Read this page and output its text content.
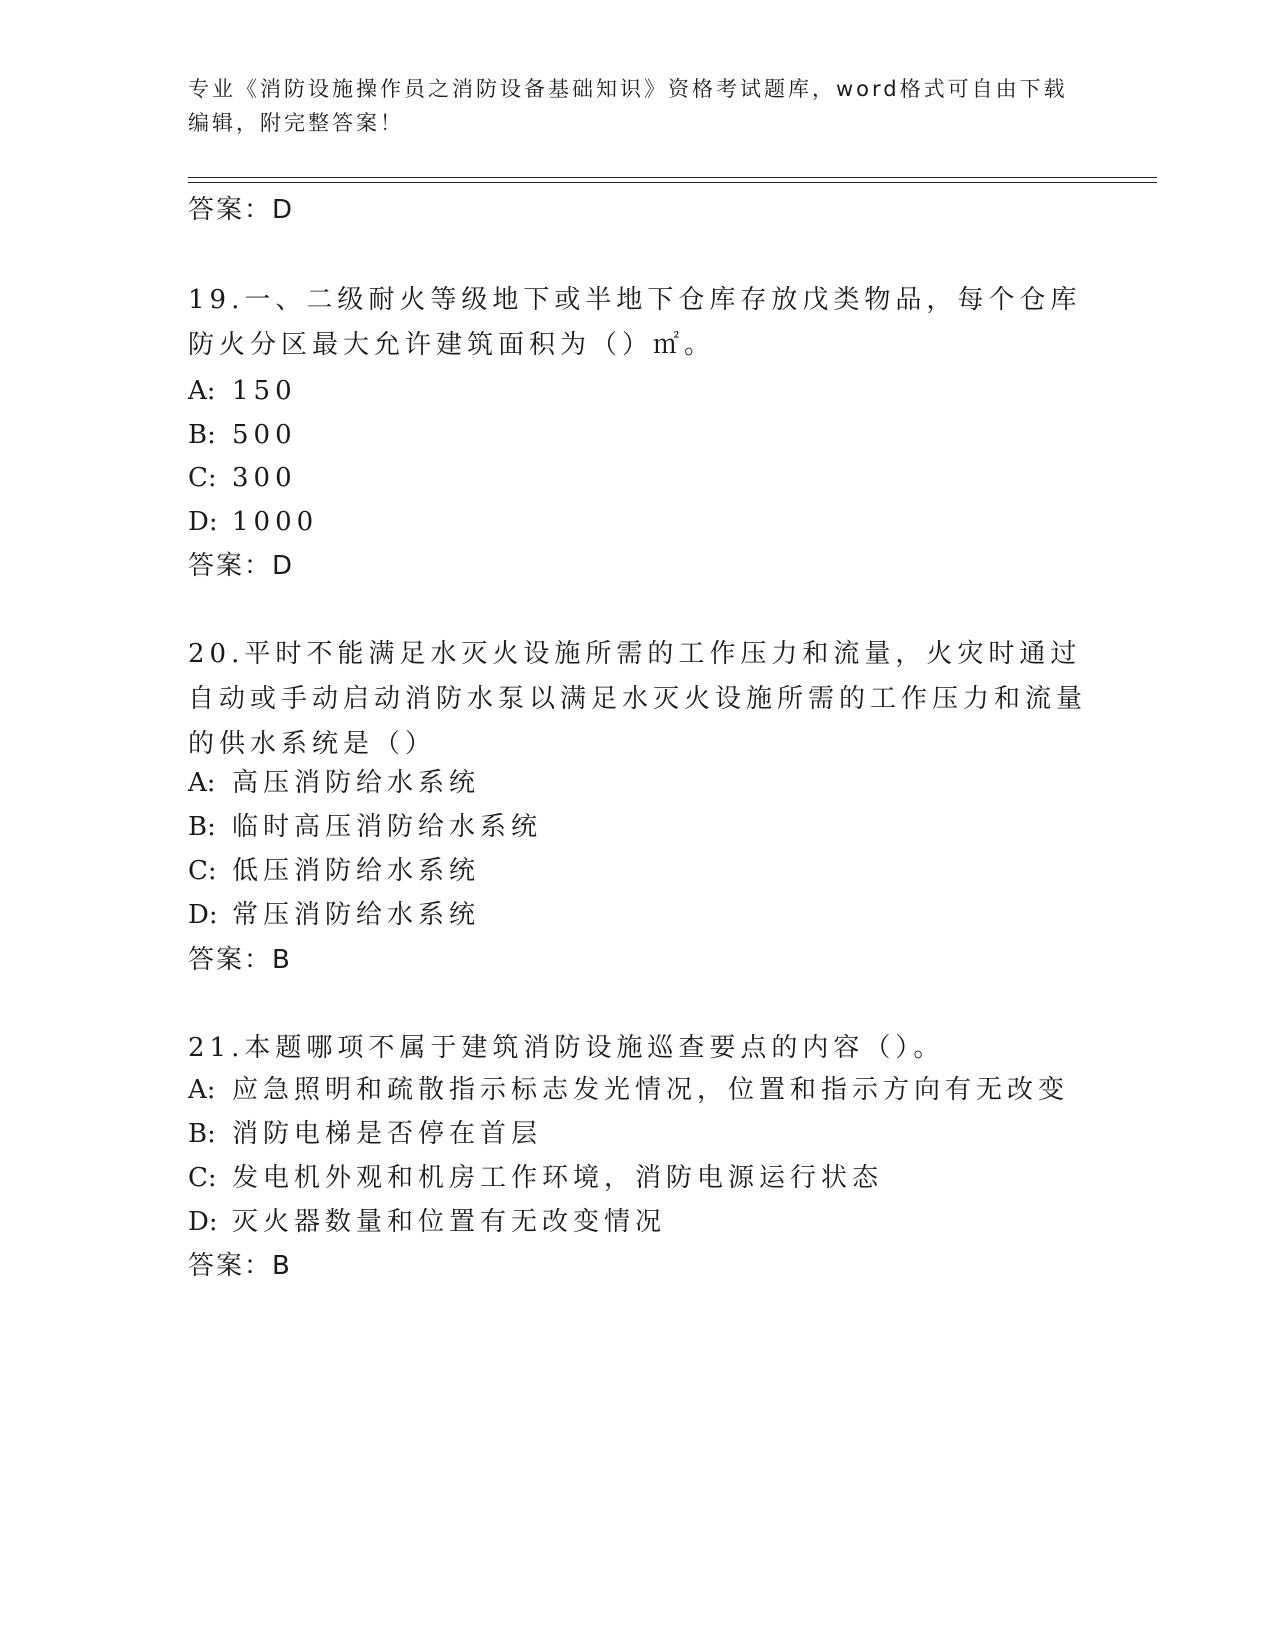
专业《消防设施操作员之消防设备基础知识》资格考试题库，word格式可自由下载编辑，附完整答案！
答案：D
19.一、二级耐火等级地下或半地下仓库存放戊类物品，每个仓库防火分区最大允许建筑面积为（）㎡。
A: 150
B: 500
C: 300
D: 1000
答案：D
20.平时不能满足水灭火设施所需的工作压力和流量，火灾时通过自动或手动启动消防水泵以满足水灭火设施所需的工作压力和流量的供水系统是（）
A: 高压消防给水系统
B: 临时高压消防给水系统
C: 低压消防给水系统
D: 常压消防给水系统
答案：B
21.本题哪项不属于建筑消防设施巡查要点的内容（）。
A: 应急照明和疏散指示标志发光情况，位置和指示方向有无改变
B: 消防电梯是否停在首层
C: 发电机外观和机房工作环境，消防电源运行状态
D: 灭火器数量和位置有无改变情况
答案：B
